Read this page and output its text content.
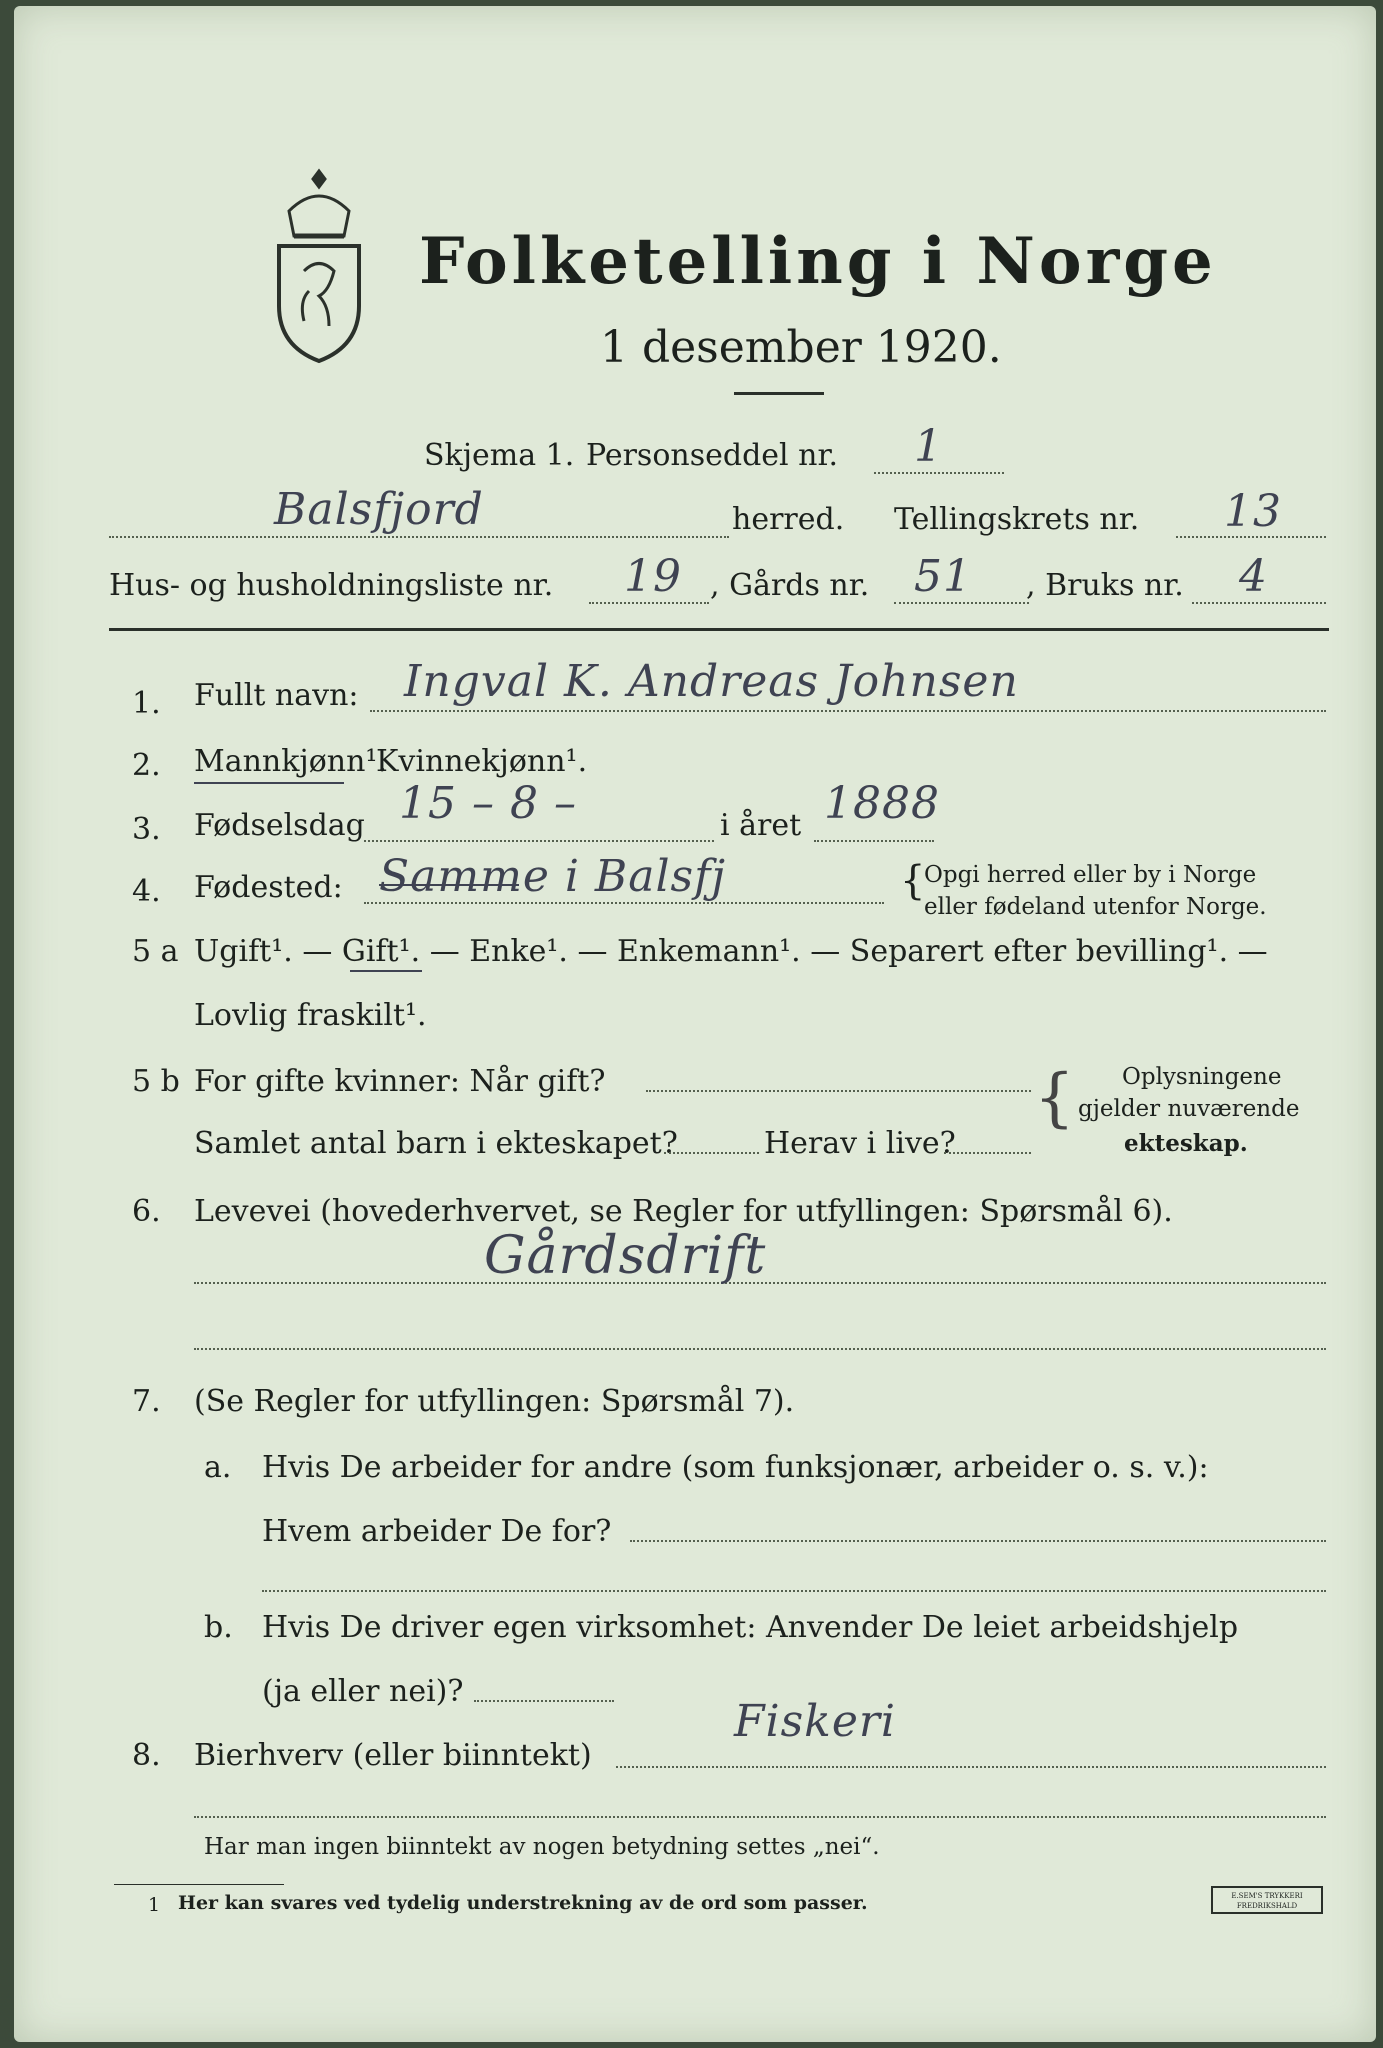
Folketelling i Norge
1 desember 1920.
Skjema 1. Personseddel nr. 1
Balsfjord	herred. Tellingskrets nr. 13
Hus- og husholdningsliste nr. 19 , Gårds nr. 51 , Bruks nr. 4
1. Fullt navn: Ingval K. Andreas Johnsen
2. Mannkjønn¹.
Kvinnekjønn¹.
3. Fødselsdag 15 – 8 –	i året 1888
4. Fødested: Samme i Balsfj	{
Opgi herred eller by i Norge
eller fødeland utenfor Norge.
5 a Ugift¹. — Gift¹. — Enke¹. — Enkemann¹. — Separert efter bevilling¹. —
Lovlig fraskilt¹.
5 b For gifte kvinner: Når gift?
Samlet antal barn i ekteskapet?	Herav i live?
{ Oplysningene
gjelder nuværende
ekteskap.
6. Levevei (hovederhvervet, se Regler for utfyllingen: Spørsmål 6).
Gårdsdrift
7. (Se Regler for utfyllingen: Spørsmål 7).
a. Hvis De arbeider for andre (som funksjonær, arbeider o. s. v.):
Hvem arbeider De for?
b. Hvis De driver egen virksomhet: Anvender De leiet arbeidshjelp
(ja eller nei)?
8. Bierhverv (eller biinntekt)
Fiskeri
Har man ingen biinntekt av nogen betydning settes „nei“.
1 Her kan svares ved tydelig understrekning av de ord som passer.	E.SEM'S TRYKKERI FREDRIKSHALD
